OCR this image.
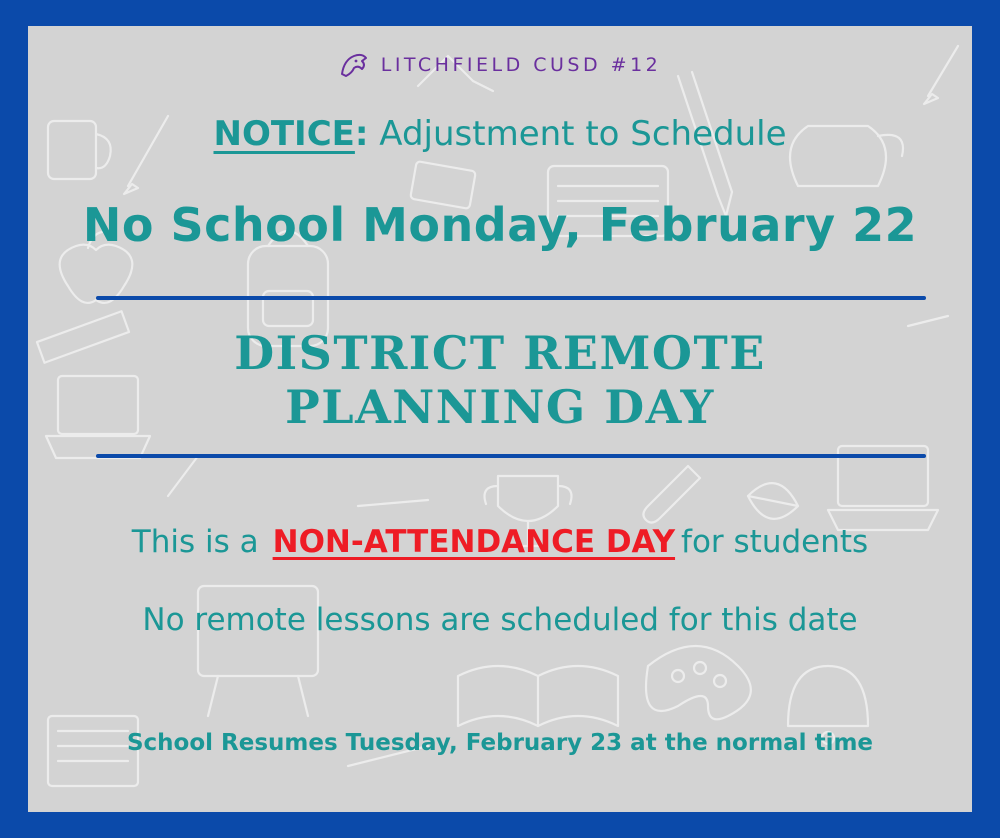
LITCHFIELD CUSD #12
NOTICE: Adjustment to Schedule
No School Monday, February 22
DISTRICT REMOTE
PLANNING DAY
This is a NON-ATTENDANCE DAY for students
No remote lessons are scheduled for this date
School Resumes Tuesday, February 23 at the normal time
